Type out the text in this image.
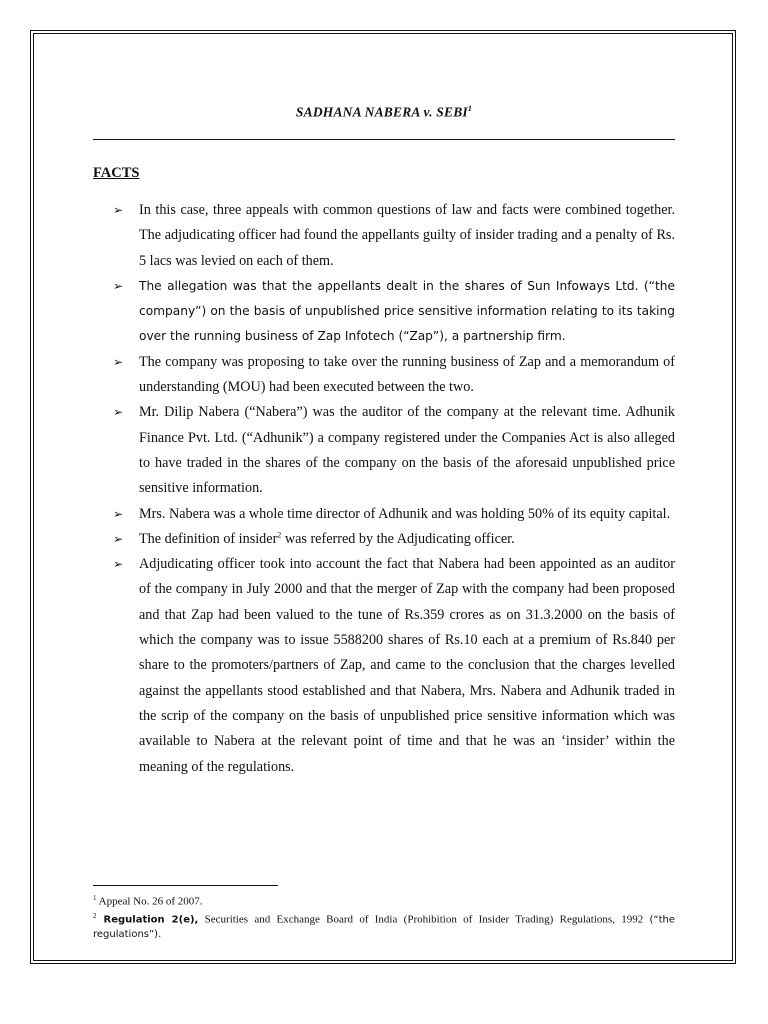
SADHANA NABERA v. SEBI$^1$
FACTS
➢ In this case, three appeals with common questions of law and facts were combined together. The adjudicating officer had found the appellants guilty of insider trading and a penalty of Rs. 5 lacs was levied on each of them.
➢ The allegation was that the appellants dealt in the shares of Sun Infoways Ltd. (“the company”) on the basis of unpublished price sensitive information relating to its taking over the running business of Zap Infotech (“Zap”), a partnership firm.
➢ The company was proposing to take over the running business of Zap and a memorandum of understanding (MOU) had been executed between the two.
➢ Mr. Dilip Nabera (“Nabera”) was the auditor of the company at the relevant time. Adhunik Finance Pvt. Ltd. (“Adhunik”) a company registered under the Companies Act is also alleged to have traded in the shares of the company on the basis of the aforesaid unpublished price sensitive information.
➢ Mrs. Nabera was a whole time director of Adhunik and was holding 50% of its equity capital.
➢ The definition of insider$^2$ was referred by the Adjudicating officer.
➢ Adjudicating officer took into account the fact that Nabera had been appointed as an auditor of the company in July 2000 and that the merger of Zap with the company had been proposed and that Zap had been valued to the tune of Rs.359 crores as on 31.3.2000 on the basis of which the company was to issue 5588200 shares of Rs.10 each at a premium of Rs.840 per share to the promoters/partners of Zap, and came to the conclusion that the charges levelled against the appellants stood established and that Nabera, Mrs. Nabera and Adhunik traded in the scrip of the company on the basis of unpublished price sensitive information which was available to Nabera at the relevant point of time and that he was an ‘insider’ within the meaning of the regulations.
$^1$ Appeal No. 26 of 2007.
$^2$ Regulation 2(e), Securities and Exchange Board of India (Prohibition of Insider Trading) Regulations, 1992 (“the regulations”).
